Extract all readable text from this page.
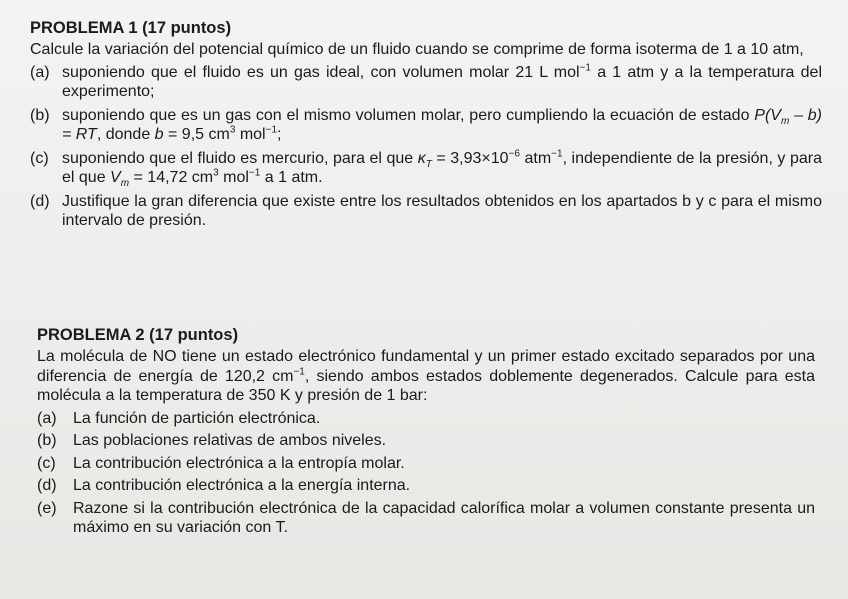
PROBLEMA 1 (17 puntos)
Calcule la variación del potencial químico de un fluido cuando se comprime de forma isoterma de 1 a 10 atm,
(a) suponiendo que el fluido es un gas ideal, con volumen molar 21 L mol$^{-1}$ a 1 atm y a la temperatura del experimento;
(b) suponiendo que es un gas con el mismo volumen molar, pero cumpliendo la ecuación de estado $P(V_m - b)$ = RT, donde b = 9,5 $cm^3$ mol$^{-1}$;
(c) suponiendo que el fluido es mercurio, para el que $\kappa_T = 3,93\times 10^{-6}$ atm$^{-1}$, independiente de la presión, y para el que $V_m = 14,72$ $cm^3$ mol$^{-1}$ a 1 atm.
(d) Justifique la gran diferencia que existe entre los resultados obtenidos en los apartados b y c para el mismo intervalo de presión.
PROBLEMA 2 (17 puntos)
La molécula de NO tiene un estado electrónico fundamental y un primer estado excitado separados por una diferencia de energía de 120,2 $cm^{-1}$, siendo ambos estados doblemente degenerados. Calcule para esta molécula a la temperatura de 350 K y presión de 1 bar:
(a)	La función de partición electrónica.
(b)	Las poblaciones relativas de ambos niveles.
(c)	La contribución electrónica a la entropía molar.
(d)	La contribución electrónica a la energía interna.
(e)	Razone si la contribución electrónica de la capacidad calorífica molar a volumen constante presenta un máximo en su variación con T.
